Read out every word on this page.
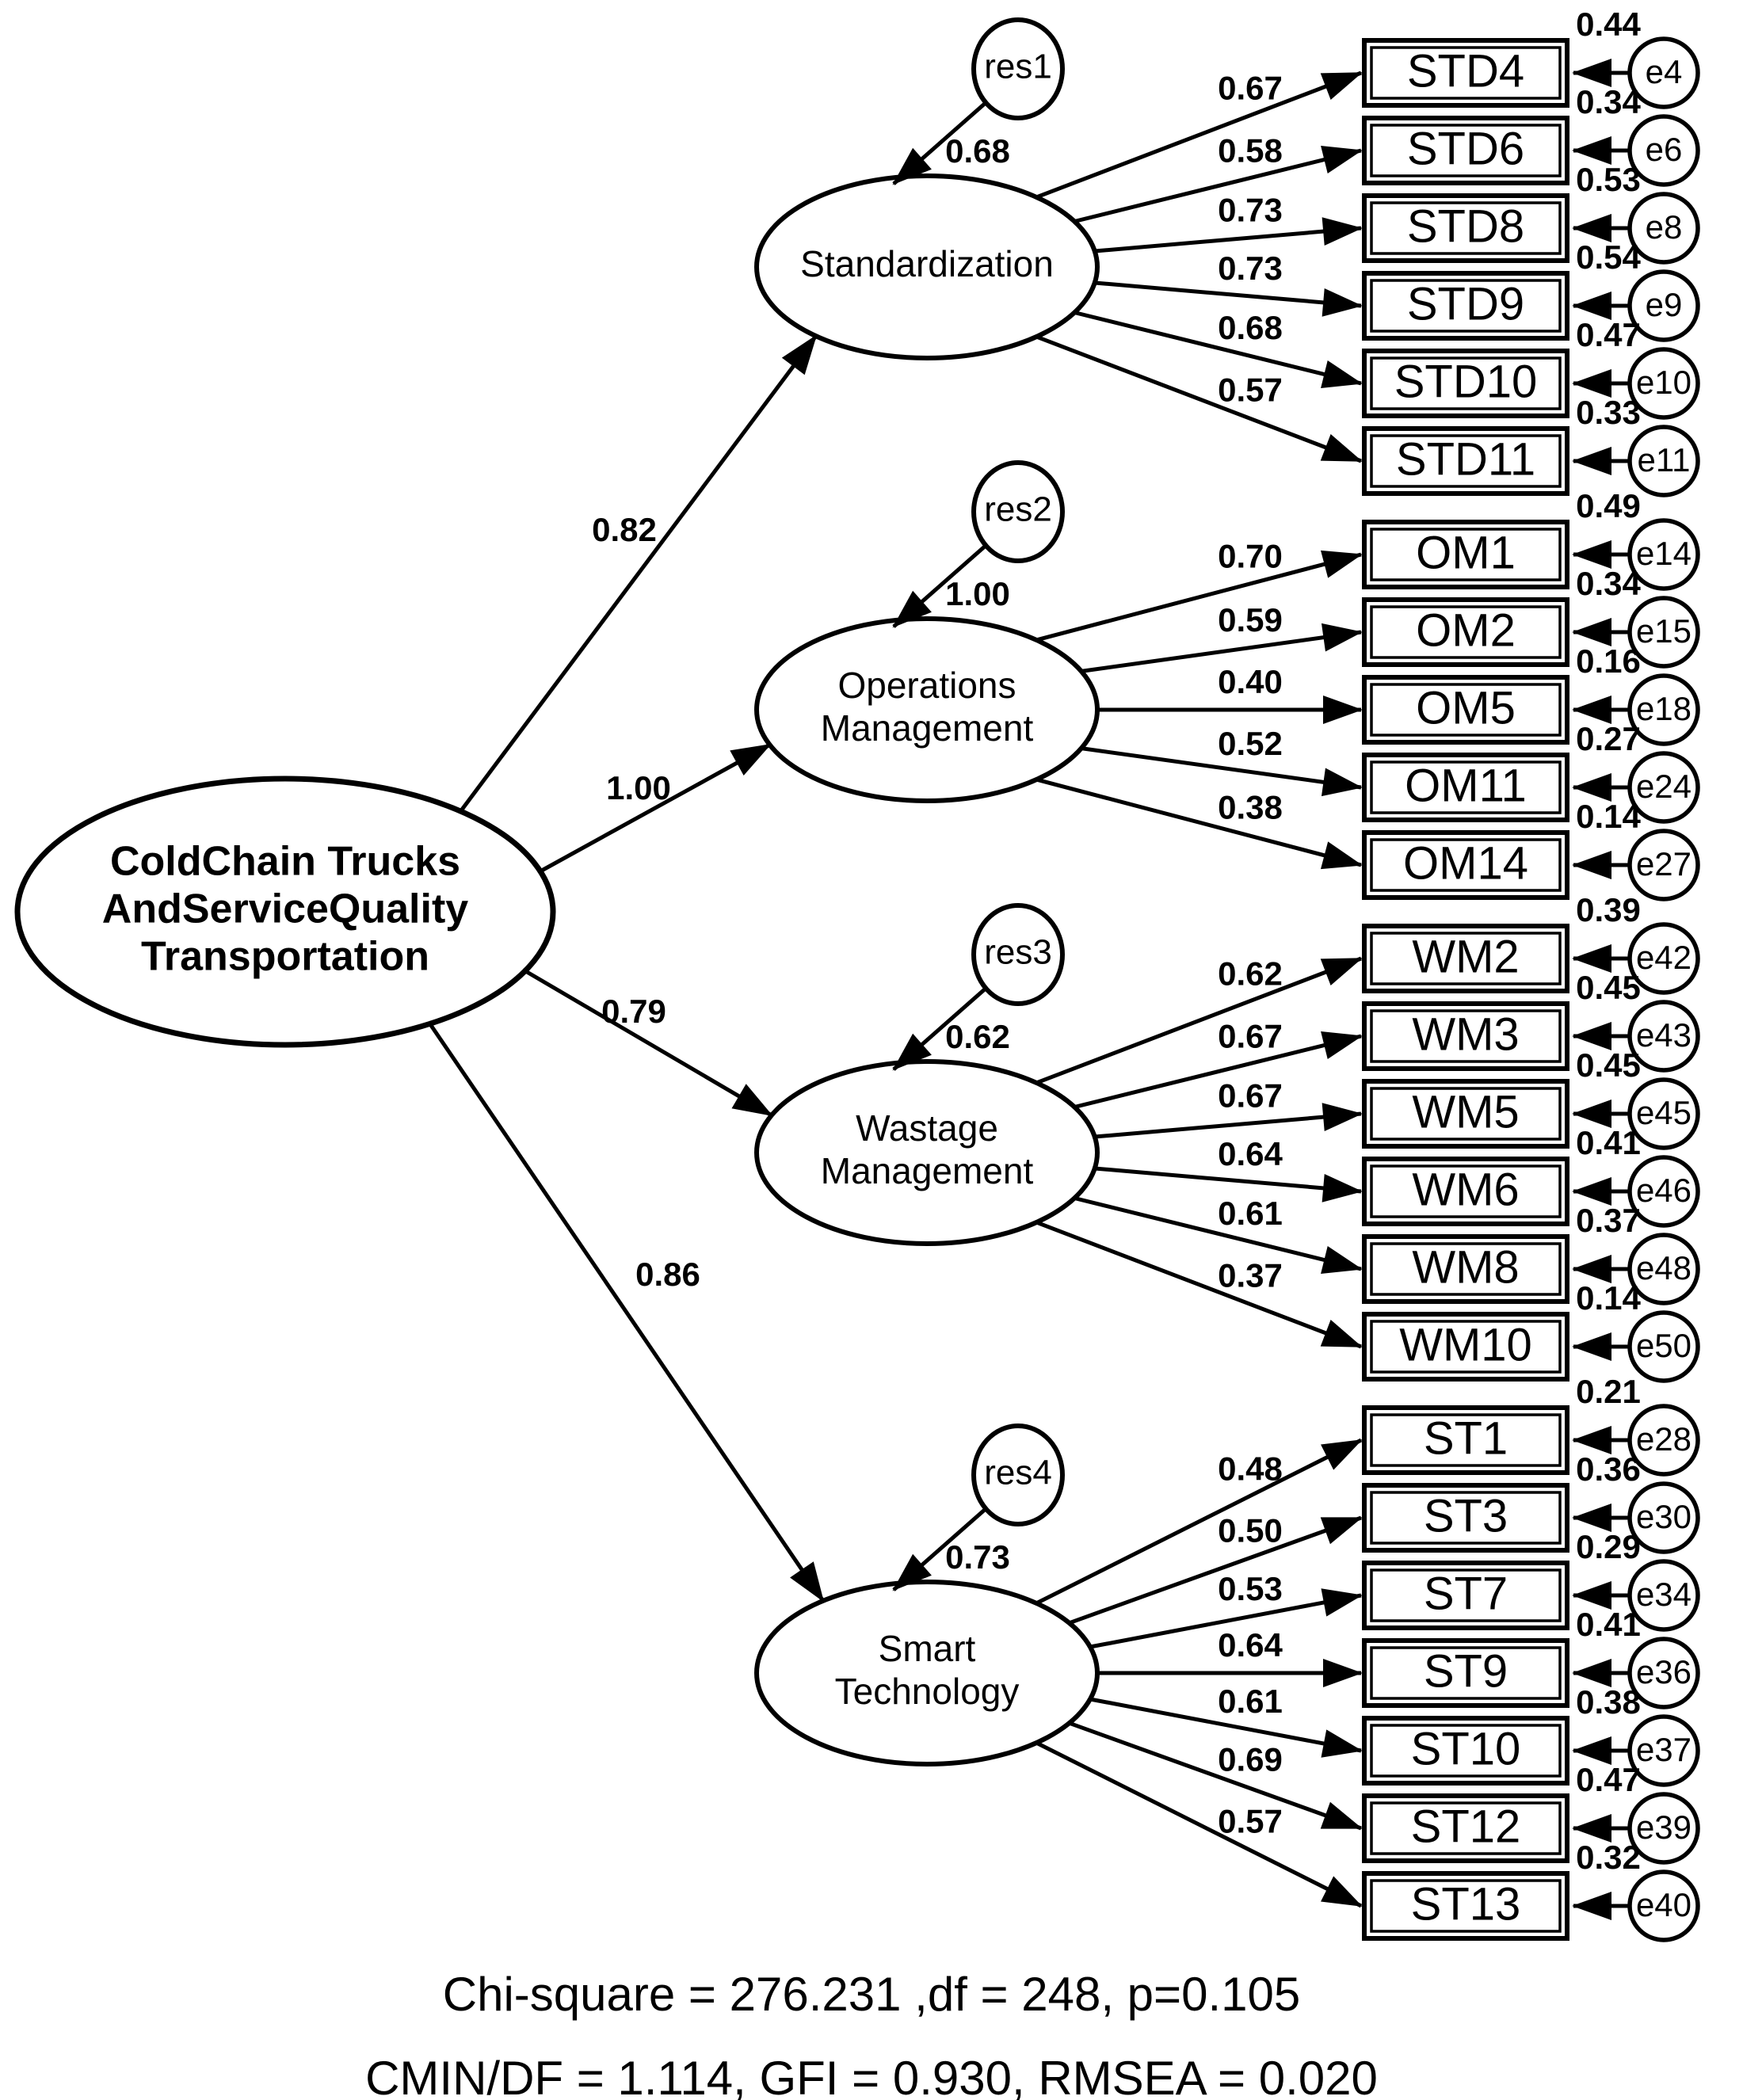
ColdChain Trucks
AndServiceQuality
Transportation
0.82
Standardization
res1
0.68
0.67	STD4	e4
0.44
0.58	STD6	e6
0.34
0.73	STD8	e8
0.53
0.73
STD9	e9
0.54
0.68
STD10	e10
0.47
0.57
STD11	e11
0.33
1.00
Operations
Management
res2
1.00
0.70	OM1	e14
0.49
0.59	OM2	e15
0.34
0.40
OM5	e18
0.16
0.52
OM11	e24
0.27
0.38
OM14	e27
0.14
0.79
Wastage
Management
res3
0.62
0.62	WM2	e42
0.39
0.67	WM3	e43
0.45
0.67	WM5	e45
0.45
0.64
WM6	e46
0.41
0.61
WM8	e48
0.37
0.37
WM10	e50
0.14
0.86
Smart
Technology
res4
0.73
0.48
ST1	e28
0.21
0.50	ST3	e30
0.36
0.53	ST7	e34
0.29
0.64
ST9	e36
0.41
0.61
ST10	e37
0.38
0.69
ST12	e39
0.47
0.57
ST13	e40
0.32
Chi-square = 276.231 ,df = 248, p=0.105
CMIN/DF = 1.114, GFI = 0.930, RMSEA = 0.020
